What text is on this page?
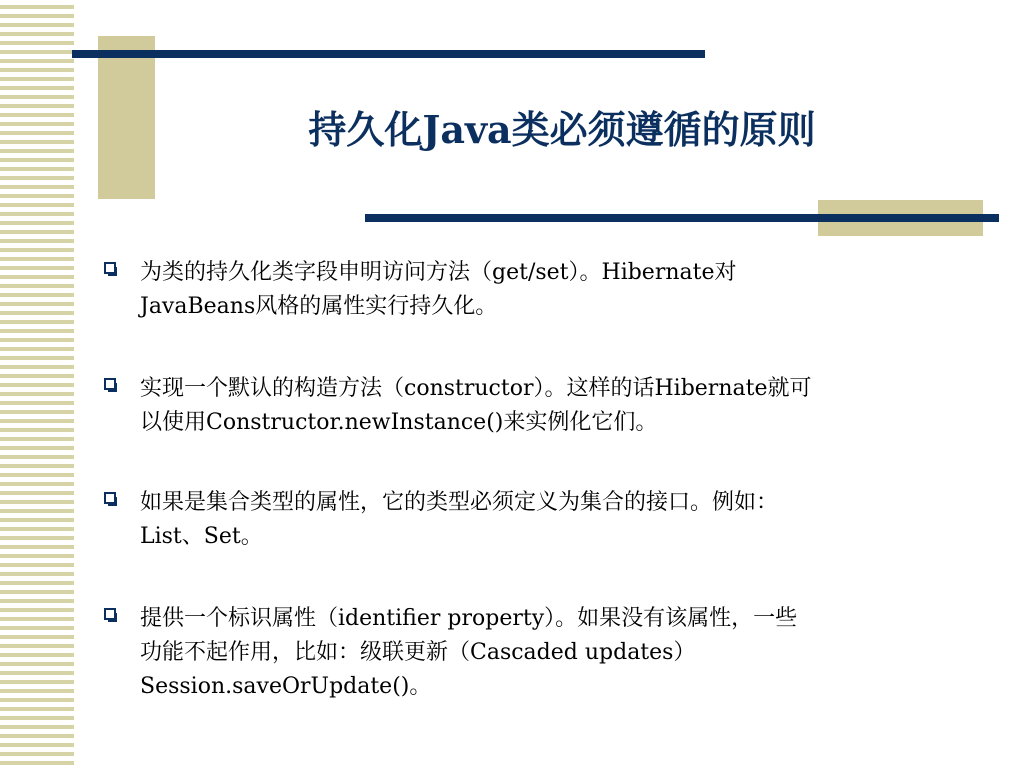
持久化Java类必须遵循的原则
为类的持久化类字段申明访问方法（get/set）。Hibernate对
JavaBeans风格的属性实行持久化。
实现一个默认的构造方法（constructor）。这样的话Hibernate就可
以使用Constructor.newInstance()来实例化它们。
如果是集合类型的属性，它的类型必须定义为集合的接口。例如：
List、Set。
提供一个标识属性（identifier property）。如果没有该属性，一些
功能不起作用，比如：级联更新（Cascaded updates）
Session.saveOrUpdate()。
